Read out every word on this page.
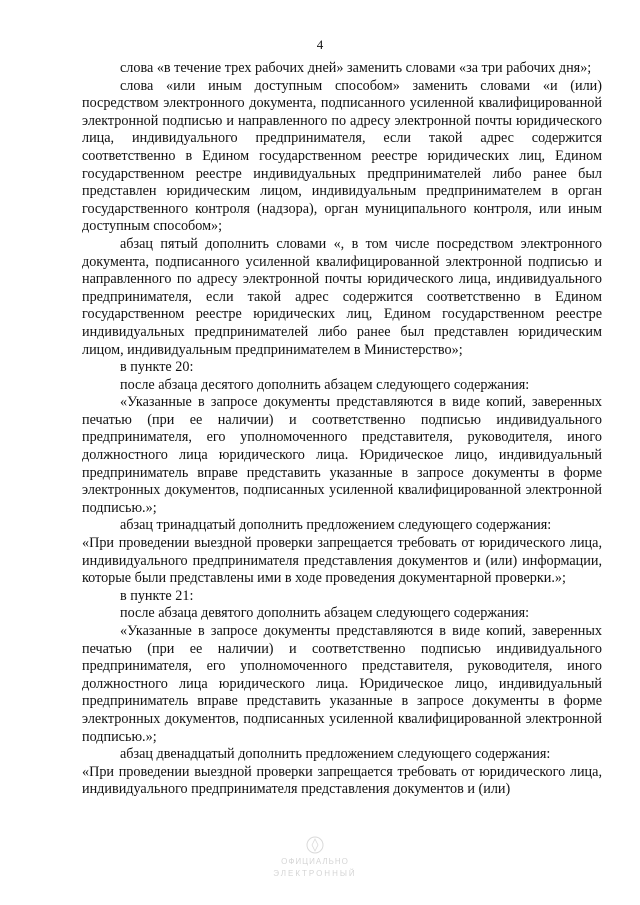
4

слова «в течение трех рабочих дней» заменить словами «за три рабочих дня»;

слова «или иным доступным способом» заменить словами «и (или) посредством электронного документа, подписанного усиленной квалифицированной электронной подписью и направленного по адресу электронной почты юридического лица, индивидуального предпринимателя, если такой адрес содержится соответственно в Едином государственном реестре юридических лиц, Едином государственном реестре индивидуальных предпринимателей либо ранее был представлен юридическим лицом, индивидуальным предпринимателем в орган государственного контроля (надзора), орган муниципального контроля, или иным доступным способом»;

абзац пятый дополнить словами «, в том числе посредством электронного документа, подписанного усиленной квалифицированной электронной подписью и направленного по адресу электронной почты юридического лица, индивидуального предпринимателя, если такой адрес содержится соответственно в Едином государственном реестре юридических лиц, Едином государственном реестре индивидуальных предпринимателей либо ранее был представлен юридическим лицом, индивидуальным предпринимателем в Министерство»;

в пункте 20:

после абзаца десятого дополнить абзацем следующего содержания:

«Указанные в запросе документы представляются в виде копий, заверенных печатью (при ее наличии) и соответственно подписью индивидуального предпринимателя, его уполномоченного представителя, руководителя, иного должностного лица юридического лица. Юридическое лицо, индивидуальный предприниматель вправе представить указанные в запросе документы в форме электронных документов, подписанных усиленной квалифицированной электронной подписью.»;

абзац тринадцатый дополнить предложением следующего содержания:

«При проведении выездной проверки запрещается требовать от юридического лица, индивидуального предпринимателя представления документов и (или) информации, которые были представлены ими в ходе проведения документарной проверки.»;

в пункте 21:

после абзаца девятого дополнить абзацем следующего содержания:

«Указанные в запросе документы представляются в виде копий, заверенных печатью (при ее наличии) и соответственно подписью индивидуального предпринимателя, его уполномоченного представителя, руководителя, иного должностного лица юридического лица. Юридическое лицо, индивидуальный предприниматель вправе представить указанные в запросе документы в форме электронных документов, подписанных усиленной квалифицированной электронной подписью.»;

абзац двенадцатый дополнить предложением следующего содержания:

«При проведении выездной проверки запрещается требовать от юридического лица, индивидуального предпринимателя представления документов и (или)

ОФИЦИАЛЬНО
ЭЛЕКТРОННЫЙ
